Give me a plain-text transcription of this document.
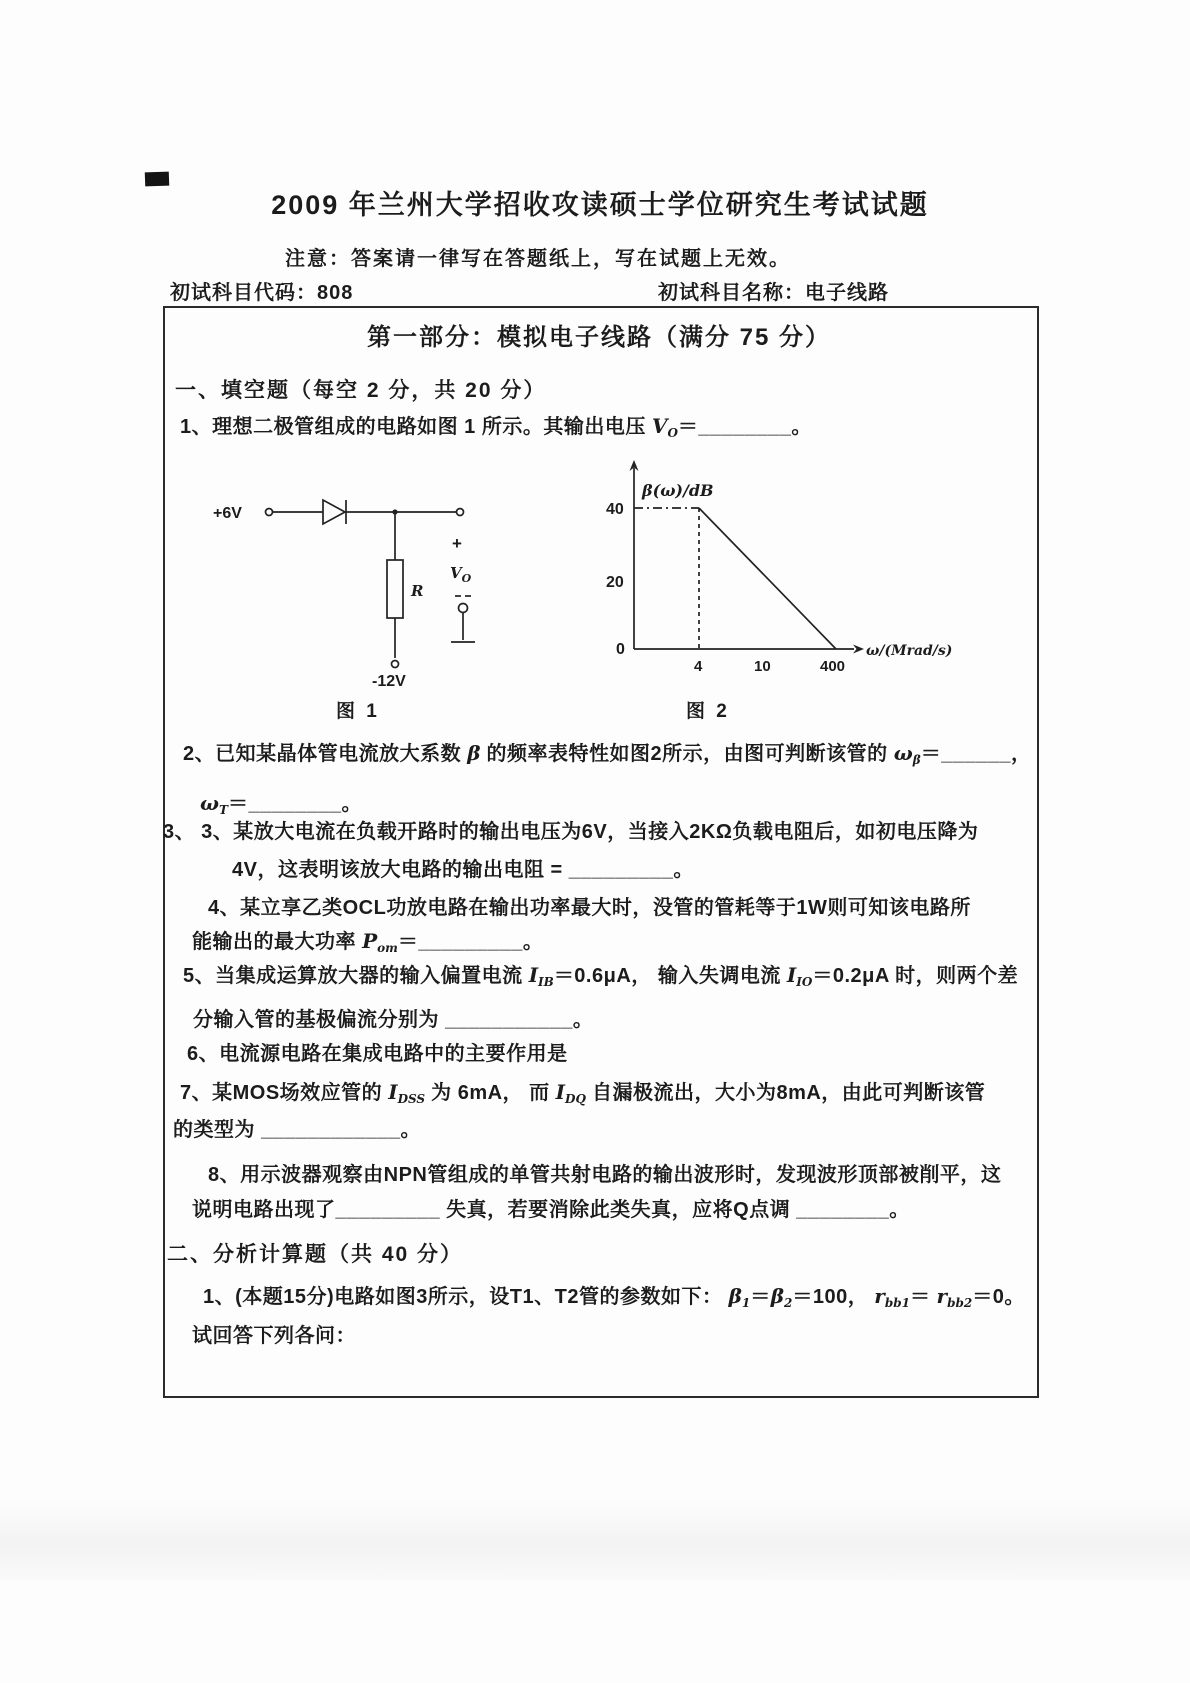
2009 年兰州大学招收攻读硕士学位研究生考试试题
注意：答案请一律写在答题纸上，写在试题上无效。
初试科目代码：808	初试科目名称：电子线路
第一部分：模拟电子线路（满分 75 分）
一、填空题（每空 2 分，共 20 分）
1、理想二极管组成的电路如图 1 所示。其输出电压 $V_O=\_\_\_\_\_\_\_\_$。
+6V
+
$V_O$
R
-12V
β(ω)/dB
40
20
0
4	10	400
ω/(Mrad/s)
图 1	图 2
2、已知某晶体管电流放大系数 β 的频率表特性如图2所示，由图可判断该管的 $\omega_\beta=\_\_\_\_\_\_$，
$\omega_T=\_\_\_\_\_\_\_\_$。
3、 3、某放大电流在负载开路时的输出电压为6V，当接入2KΩ负载电阻后，如初电压降为
4V，这表明该放大电路的输出电阻 = _________。
4、某立享乙类OCL功放电路在输出功率最大时，没管的管耗等于1W则可知该电路所
能输出的最大功率 $P_{om}=\_\_\_\_\_\_\_\_\_$。
5、当集成运算放大器的输入偏置电流 $I_{IB}=0.6\mu A$， 输入失调电流 $I_{IO}=0.2\mu A$ 时，则两个差
分输入管的基极偏流分别为 ___________。
6、电流源电路在集成电路中的主要作用是
7、某MOS场效应管的 $I_{DSS}$ 为 6mA， 而 $I_{DQ}$ 自漏极流出，大小为8mA，由此可判断该管
的类型为 ____________。
8、用示波器观察由NPN管组成的单管共射电路的输出波形时，发现波形顶部被削平，这
说明电路出现了_________ 失真，若要消除此类失真，应将Q点调 ________。
二、分析计算题（共 40 分）
1、(本题15分)电路如图3所示，设T1、T2管的参数如下： $\beta_1=\beta_2=100$， $r_{bb1}= r_{bb2}=0$。
试回答下列各问：
